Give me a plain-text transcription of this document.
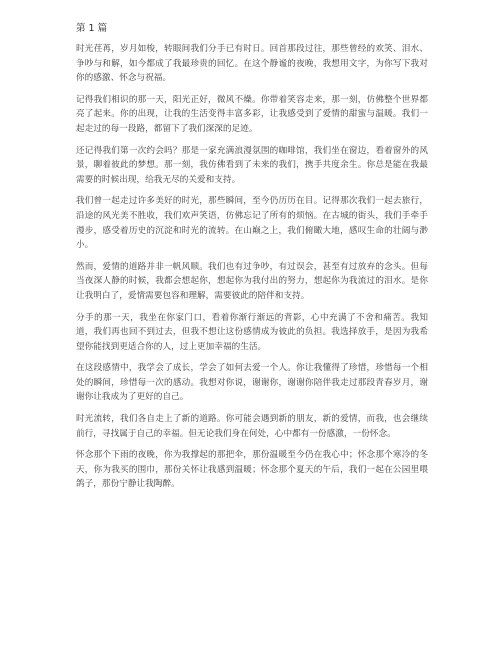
第 1 篇

时光荏苒，岁月如梭，转眼间我们分手已有时日。回首那段过往，那些曾经的欢笑、泪水、争吵与和解，如今都成了我最珍贵的回忆。在这个静谧的夜晚，我想用文字，为你写下我对你的感激、怀念与祝福。

记得我们相识的那一天，阳光正好，微风不燥。你带着笑容走来，那一刻，仿佛整个世界都亮了起来。你的出现，让我的生活变得丰富多彩，让我感受到了爱情的甜蜜与温暖。我们一起走过的每一段路，都留下了我们深深的足迹。

还记得我们第一次约会吗？那是一家充满浪漫氛围的咖啡馆，我们坐在窗边，看着窗外的风景，聊着彼此的梦想。那一刻，我仿佛看到了未来的我们，携手共度余生。你总是能在我最需要的时候出现，给我无尽的关爱和支持。

我们曾一起走过许多美好的时光，那些瞬间，至今仍历历在目。记得那次我们一起去旅行，沿途的风光美不胜收，我们欢声笑语，仿佛忘记了所有的烦恼。在古城的街头，我们手牵手漫步，感受着历史的沉淀和时光的流转。在山巅之上，我们俯瞰大地，感叹生命的壮阔与渺小。

然而，爱情的道路并非一帆风顺。我们也有过争吵，有过误会，甚至有过放弃的念头。但每当夜深人静的时候，我都会想起你，想起你为我付出的努力，想起你为我流过的泪水。是你让我明白了，爱情需要包容和理解，需要彼此的陪伴和支持。

分手的那一天，我坐在你家门口，看着你渐行渐远的背影，心中充满了不舍和痛苦。我知道，我们再也回不到过去，但我不想让这份感情成为彼此的负担。我选择放手，是因为我希望你能找到更适合你的人，过上更加幸福的生活。

在这段感情中，我学会了成长，学会了如何去爱一个人。你让我懂得了珍惜，珍惜每一个相处的瞬间，珍惜每一次的感动。我想对你说，谢谢你，谢谢你陪伴我走过那段青春岁月，谢谢你让我成为了更好的自己。

时光流转，我们各自走上了新的道路。你可能会遇到新的朋友，新的爱情，而我，也会继续前行，寻找属于自己的幸福。但无论我们身在何处，心中都有一份感激，一份怀念。

怀念那个下雨的夜晚，你为我撑起的那把伞，那份温暖至今仍在我心中；怀念那个寒冷的冬天，你为我买的围巾，那份关怀让我感到温暖；怀念那个夏天的午后，我们一起在公园里喂鸽子，那份宁静让我陶醉。
